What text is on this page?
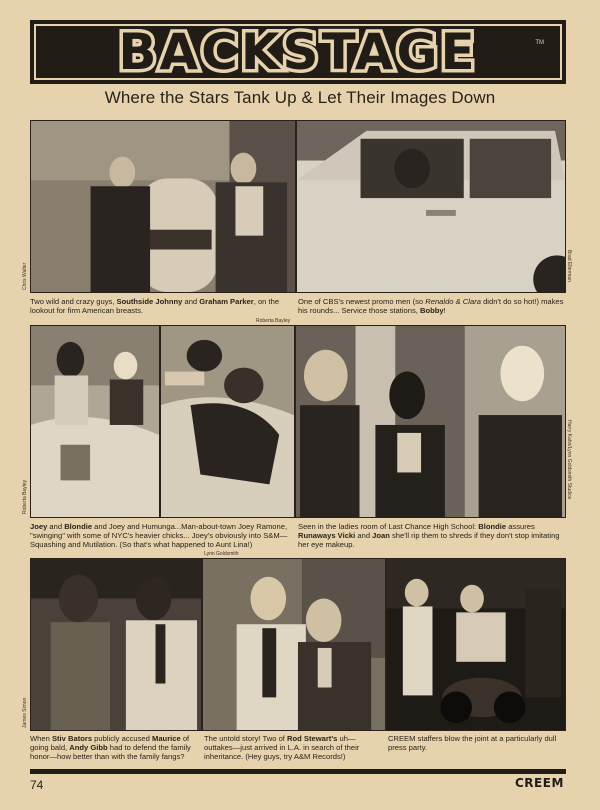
BACKSTAGE	TM
Where the Stars Tank Up & Let Their Images Down
Chris Walter	Brad Elterman
Two wild and crazy guys, Southside Johnny and Graham Parker, on the lookout for firm American breasts.
One of CBS's newest promo men (so Renaldo & Clara didn't do so hot!) makes his rounds... Service those stations, Bobby!
Roberta Bayley
Roberta Bayley	Harry Kahn/Lynn Goldsmith Studios
Joey and Blondie and Joey and Humunga...Man-about-town Joey Ramone, "swinging" with some of NYC's heavier chicks... Joey's obviously into S&M—Squashing and Mutilation. (So that's what happened to Aunt Lina!)
Seen in the ladies room of Last Chance High School: Blondie assures Runaways Vicki and Joan she'll rip them to shreds if they don't stop imitating her eye makeup.
Lynn Goldsmith
James Simon
When Stiv Bators publicly accused Maurice of going bald, Andy Gibb had to defend the family honor—how better than with the family fangs?
The untold story! Two of Rod Stewart's uh—outtakes—just arrived in L.A. in search of their inheritance. (Hey guys, try A&M Records!)
CREEM staffers blow the joint at a particularly dull press party.
74	CREEM
